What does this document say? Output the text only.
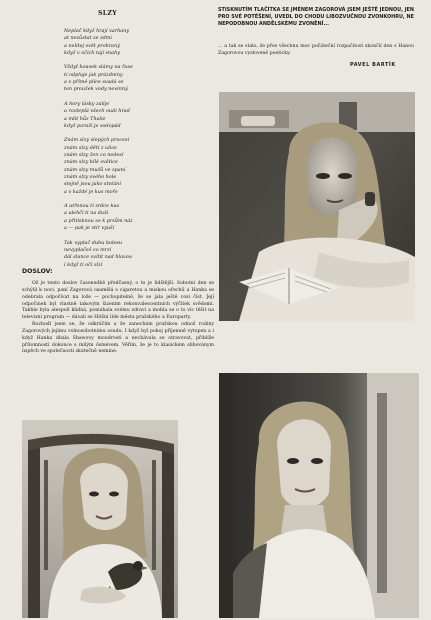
SLZY
Neplač když hrají varhany
at nezůstat se zdmi
a nelitej svět prohraný
když v očích tají snahy

Vždyť kousek slámy na řase
tí odpluje jak prázdniny
a v přímé plíce svadá se
ten proužek vody nevinný

A hory lásky zalije
a rozteplá všech oudi hrad
a mlit hůz Thalie
když poraží je sodopád

Znám slzy slepých procesí
znám slzy dětí z ulice
znám slzy žen co nedesí
znám slzy bílé světice
znám slzy mužů ve spaní
znám slzy svého hole
stejně jsou jako stvtání
a v každé je kus moře

A utřenou tí srdce kus
a ulehčí ti na duši
a přitisknou se k prsům náz
a — pak je stír vyuší

Tak vyplač duhu bolesu
nevyplačeš co mrzí
dál slunce svítit nad hlavou
i když ti očí slzí
DOSLOV:

Ož je tento doslov časonedbě předčasný, o to je lidštější. Sobotní den se schýlil k noci, paní Zagorová osamělá s cigaretou a miskou ořechů a Hanka se odebrala odpočívat na lože — pochopitelně, že se jala ještě cosi číst. Její odpočinek byl vlastně takovým šizením rekonvalescentních výčitek svědomí. Takhle byla alespoň klidná, pomáhala svému zdraví a mohla se o to víc těšit na televizní program — dávali se Hitšní ilde města pražského a Europarty.

Rozhodl jsem se, že odkráčím a že zanechám pražskou odnož rodiny Zagorových jejímu volnosobotnímu osudu. I když byl pokoj příjemně vytopen a i když Hanka dbala Shawovy moudrosti a nechávala se otravovat, přiblíže přítomností dokonce s milým ősmévem. Věřím, že je to klasickém sliboványm úspěch ve společnosti skutečně nemine.

STISKNUTÍM TLAČÍTKA SE JMÉNEM ZAGOROVÁ JSEM JEŠTĚ JEDNOU, JEN PRO SVÉ POTĚŠENÍ, UVEDL DO CHODU LIBOZVUČNOU ZVONKOHRU, NE NEPODOBNOU ANDĚLSKÉMU ZVONĚNÍ...
... a tak se stalo, že přes všechnu moc počáteční rozpačitost skončil den s Hanou Zagorovou vysloveně poeticky.
PAVEL BARTÍK
